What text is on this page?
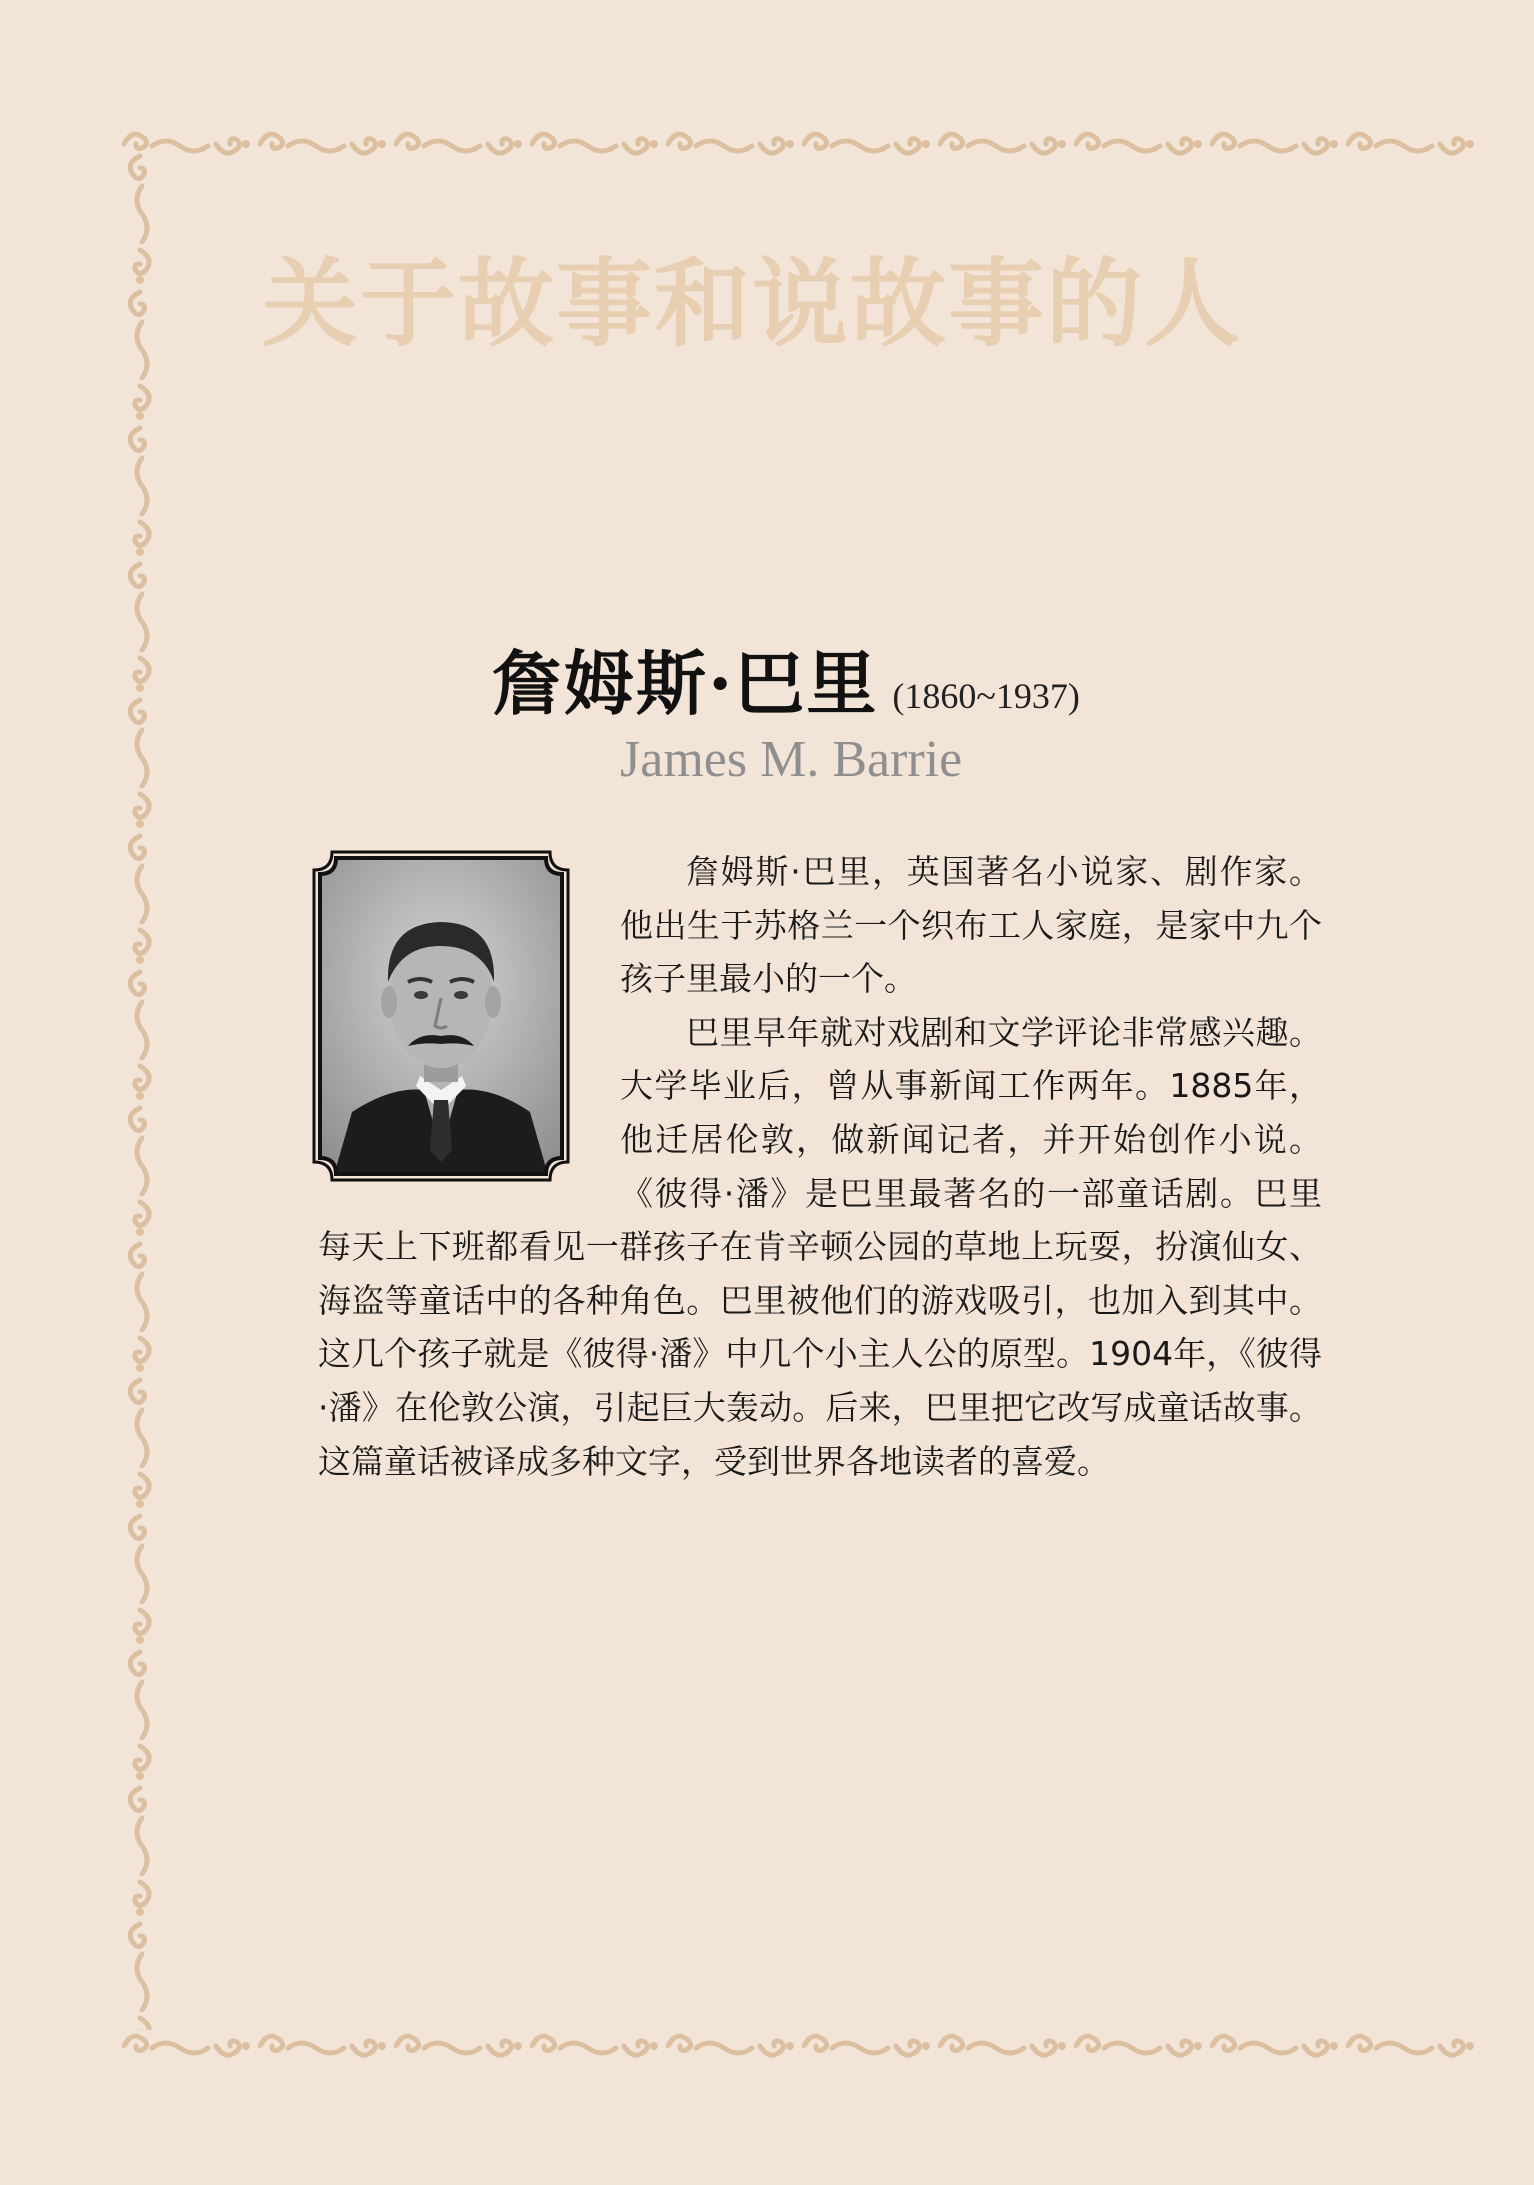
关于故事和说故事的人
詹姆斯·巴里 (1860~1937)
James M. Barrie

詹姆斯·巴里，英国著名小说家、剧作家。他出生于苏格兰一个织布工人家庭，是家中九个孩子里最小的一个。

巴里早年就对戏剧和文学评论非常感兴趣。大学毕业后，曾从事新闻工作两年。1885年，他迁居伦敦，做新闻记者，并开始创作小说。《彼得·潘》是巴里最著名的一部童话剧。巴里每天上下班都看见一群孩子在肯辛顿公园的草地上玩耍，扮演仙女、海盗等童话中的各种角色。巴里被他们的游戏吸引，也加入到其中。这几个孩子就是《彼得·潘》中几个小主人公的原型。1904年，《彼得·潘》在伦敦公演，引起巨大轰动。后来，巴里把它改写成童话故事。这篇童话被译成多种文字，受到世界各地读者的喜爱。
